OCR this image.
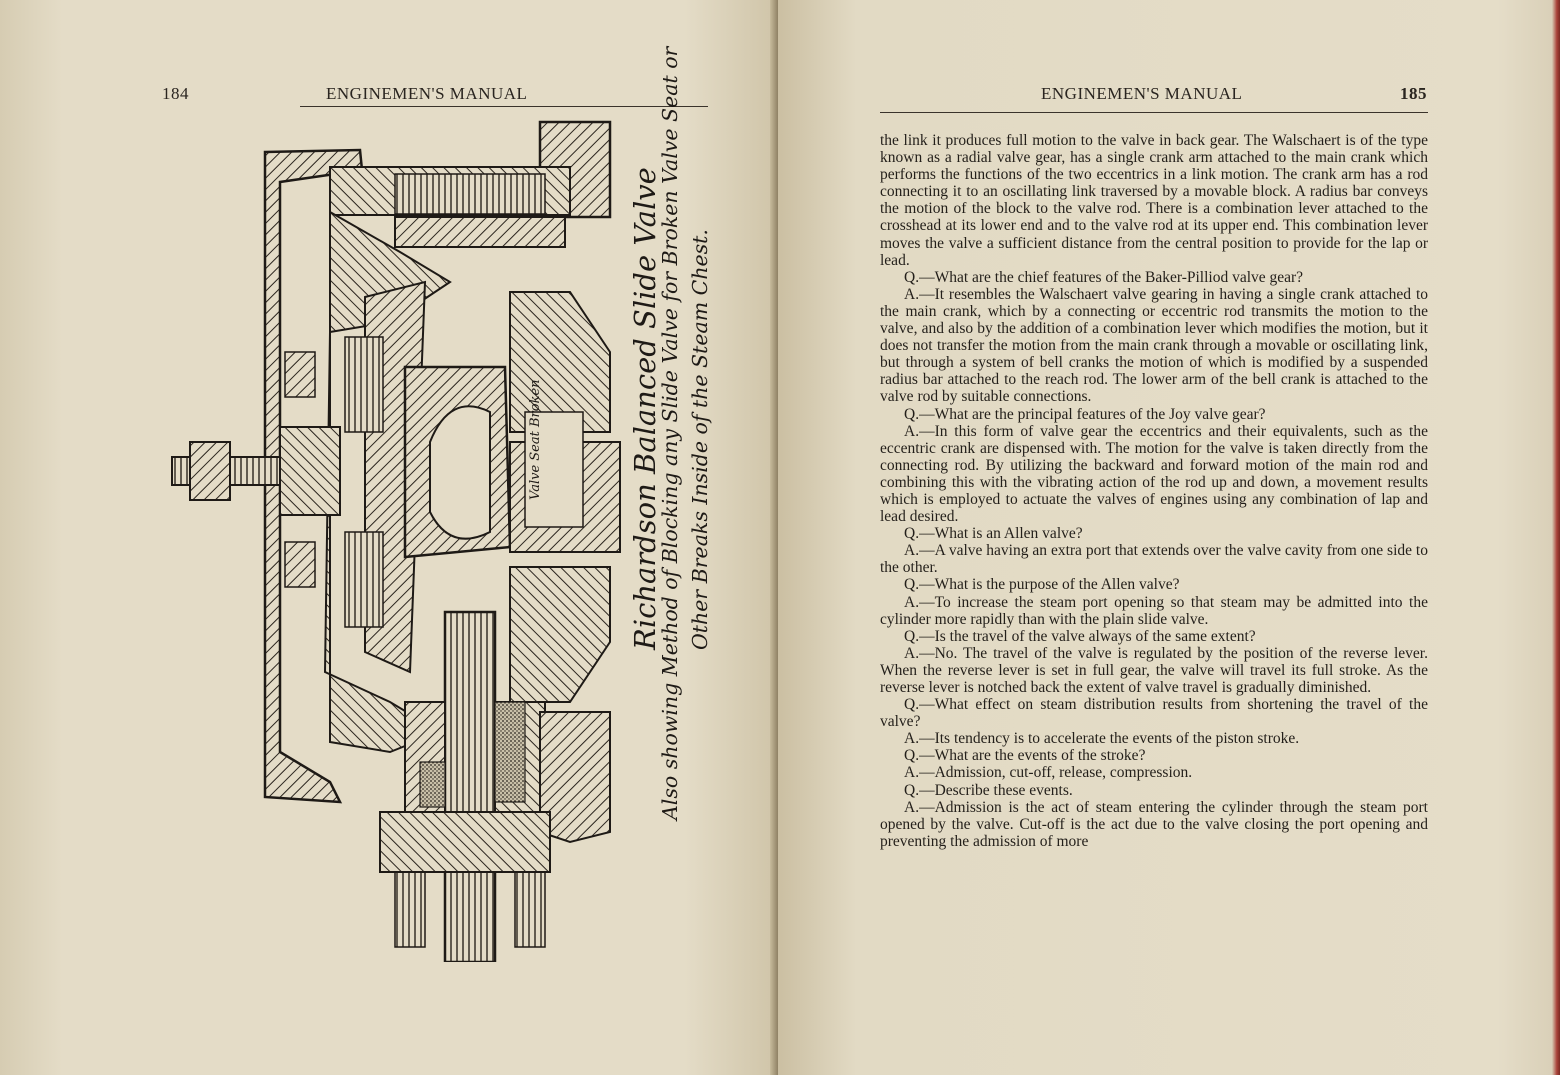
184	ENGINEMEN'S MANUAL
Richardson Balanced Slide Valve
Also showing Method of Blocking any Slide Valve for Broken Valve Seat or Other Breaks Inside of the Steam Chest.
Valve Seat Broken
ENGINEMEN'S MANUAL	185

the link it produces full motion to the valve in back gear. The Walschaert is of the type known as a radial valve gear, has a single crank arm attached to the main crank which performs the functions of the two eccentrics in a link motion. The crank arm has a rod connecting it to an oscillating link traversed by a movable block. A radius bar conveys the motion of the block to the valve rod. There is a combination lever attached to the crosshead at its lower end and to the valve rod at its upper end. This combination lever moves the valve a sufficient distance from the central position to provide for the lap or lead.

Q.—What are the chief features of the Baker-Pilliod valve gear?

A.—It resembles the Walschaert valve gearing in having a single crank attached to the main crank, which by a connecting or eccentric rod transmits the motion to the valve, and also by the addition of a combination lever which modifies the motion, but it does not transfer the motion from the main crank through a movable or oscillating link, but through a system of bell cranks the motion of which is modified by a suspended radius bar attached to the reach rod. The lower arm of the bell crank is attached to the valve rod by suitable connections.

Q.—What are the principal features of the Joy valve gear?

A.—In this form of valve gear the eccentrics and their equivalents, such as the eccentric crank are dispensed with. The motion for the valve is taken directly from the connecting rod. By utilizing the backward and forward motion of the main rod and combining this with the vibrating action of the rod up and down, a movement results which is employed to actuate the valves of engines using any combination of lap and lead desired.

Q.—What is an Allen valve?

A.—A valve having an extra port that extends over the valve cavity from one side to the other.

Q.—What is the purpose of the Allen valve?

A.—To increase the steam port opening so that steam may be admitted into the cylinder more rapidly than with the plain slide valve.

Q.—Is the travel of the valve always of the same extent?

A.—No. The travel of the valve is regulated by the position of the reverse lever. When the reverse lever is set in full gear, the valve will travel its full stroke. As the reverse lever is notched back the extent of valve travel is gradually diminished.

Q.—What effect on steam distribution results from shortening the travel of the valve?

A.—Its tendency is to accelerate the events of the piston stroke.

Q.—What are the events of the stroke?

A.—Admission, cut-off, release, compression.

Q.—Describe these events.

A.—Admission is the act of steam entering the cylinder through the steam port opened by the valve. Cut-off is the act due to the valve closing the port opening and preventing the admission of more
